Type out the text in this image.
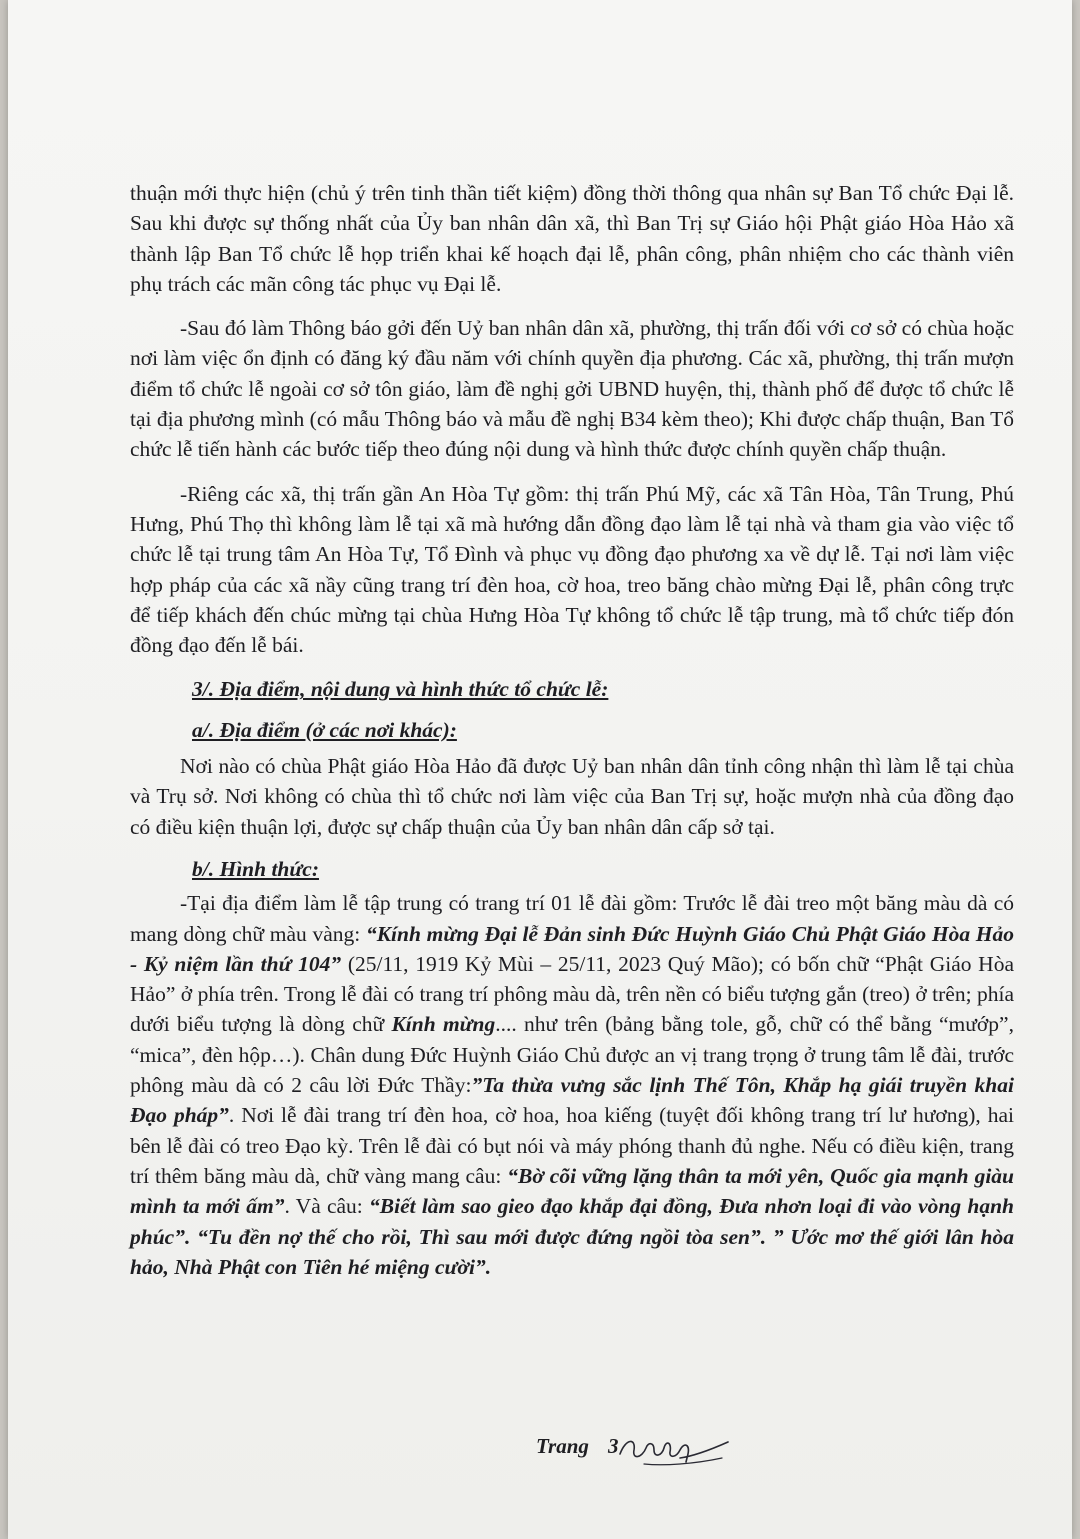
thuận mới thực hiện (chủ ý trên tinh thần tiết kiệm) đồng thời thông qua nhân sự Ban Tổ chức Đại lễ. Sau khi được sự thống nhất của Ủy ban nhân dân xã, thì Ban Trị sự Giáo hội Phật giáo Hòa Hảo xã thành lập Ban Tổ chức lễ họp triển khai kế hoạch đại lễ, phân công, phân nhiệm cho các thành viên phụ trách các mãn công tác phục vụ Đại lễ.

-Sau đó làm Thông báo gởi đến Uỷ ban nhân dân xã, phường, thị trấn đối với cơ sở có chùa hoặc nơi làm việc ổn định có đăng ký đầu năm với chính quyền địa phương. Các xã, phường, thị trấn mượn điểm tổ chức lễ ngoài cơ sở tôn giáo, làm đề nghị gởi UBND huyện, thị, thành phố để được tổ chức lễ tại địa phương mình (có mẫu Thông báo và mẫu đề nghị B34 kèm theo); Khi được chấp thuận, Ban Tổ chức lễ tiến hành các bước tiếp theo đúng nội dung và hình thức được chính quyền chấp thuận.

-Riêng các xã, thị trấn gần An Hòa Tự gồm: thị trấn Phú Mỹ, các xã Tân Hòa, Tân Trung, Phú Hưng, Phú Thọ thì không làm lễ tại xã mà hướng dẫn đồng đạo làm lễ tại nhà và tham gia vào việc tổ chức lễ tại trung tâm An Hòa Tự, Tổ Đình và phục vụ đồng đạo phương xa về dự lễ. Tại nơi làm việc hợp pháp của các xã nầy cũng trang trí đèn hoa, cờ hoa, treo băng chào mừng Đại lễ, phân công trực để tiếp khách đến chúc mừng tại chùa Hưng Hòa Tự không tổ chức lễ tập trung, mà tổ chức tiếp đón đồng đạo đến lễ bái.

3/. Địa điểm, nội dung và hình thức tổ chức lễ:

a/. Địa điểm (ở các nơi khác):

Nơi nào có chùa Phật giáo Hòa Hảo đã được Uỷ ban nhân dân tỉnh công nhận thì làm lễ tại chùa và Trụ sở. Nơi không có chùa thì tổ chức nơi làm việc của Ban Trị sự, hoặc mượn nhà của đồng đạo có điều kiện thuận lợi, được sự chấp thuận của Ủy ban nhân dân cấp sở tại.

b/. Hình thức:

-Tại địa điểm làm lễ tập trung có trang trí 01 lễ đài gồm: Trước lễ đài treo một băng màu dà có mang dòng chữ màu vàng: “Kính mừng Đại lễ Đản sinh Đức Huỳnh Giáo Chủ Phật Giáo Hòa Hảo - Kỷ niệm lần thứ 104” (25/11, 1919 Kỷ Mùi – 25/11, 2023 Quý Mão); có bốn chữ “Phật Giáo Hòa Hảo” ở phía trên. Trong lễ đài có trang trí phông màu dà, trên nền có biểu tượng gắn (treo) ở trên; phía dưới biểu tượng là dòng chữ Kính mừng.... như trên (bảng bằng tole, gỗ, chữ có thể bằng “mướp”, “mica”, đèn hộp…). Chân dung Đức Huỳnh Giáo Chủ được an vị trang trọng ở trung tâm lễ đài, trước phông màu dà có 2 câu lời Đức Thầy:”Ta thừa vưng sắc lịnh Thế Tôn, Khắp hạ giái truyền khai Đạo pháp”. Nơi lễ đài trang trí đèn hoa, cờ hoa, hoa kiếng (tuyệt đối không trang trí lư hương), hai bên lễ đài có treo Đạo kỳ. Trên lễ đài có bụt nói và máy phóng thanh đủ nghe. Nếu có điều kiện, trang trí thêm băng màu dà, chữ vàng mang câu: “Bờ cõi vững lặng thân ta mới yên, Quốc gia mạnh giàu mình ta mới ấm”. Và câu: “Biết làm sao gieo đạo khắp đại đồng, Đưa nhơn loại đi vào vòng hạnh phúc”. “Tu đền nợ thế cho rồi, Thì sau mới được đứng ngồi tòa sen”. ” Ước mơ thế giới lân hòa hảo, Nhà Phật con Tiên hé miệng cười”.

Trang 3
